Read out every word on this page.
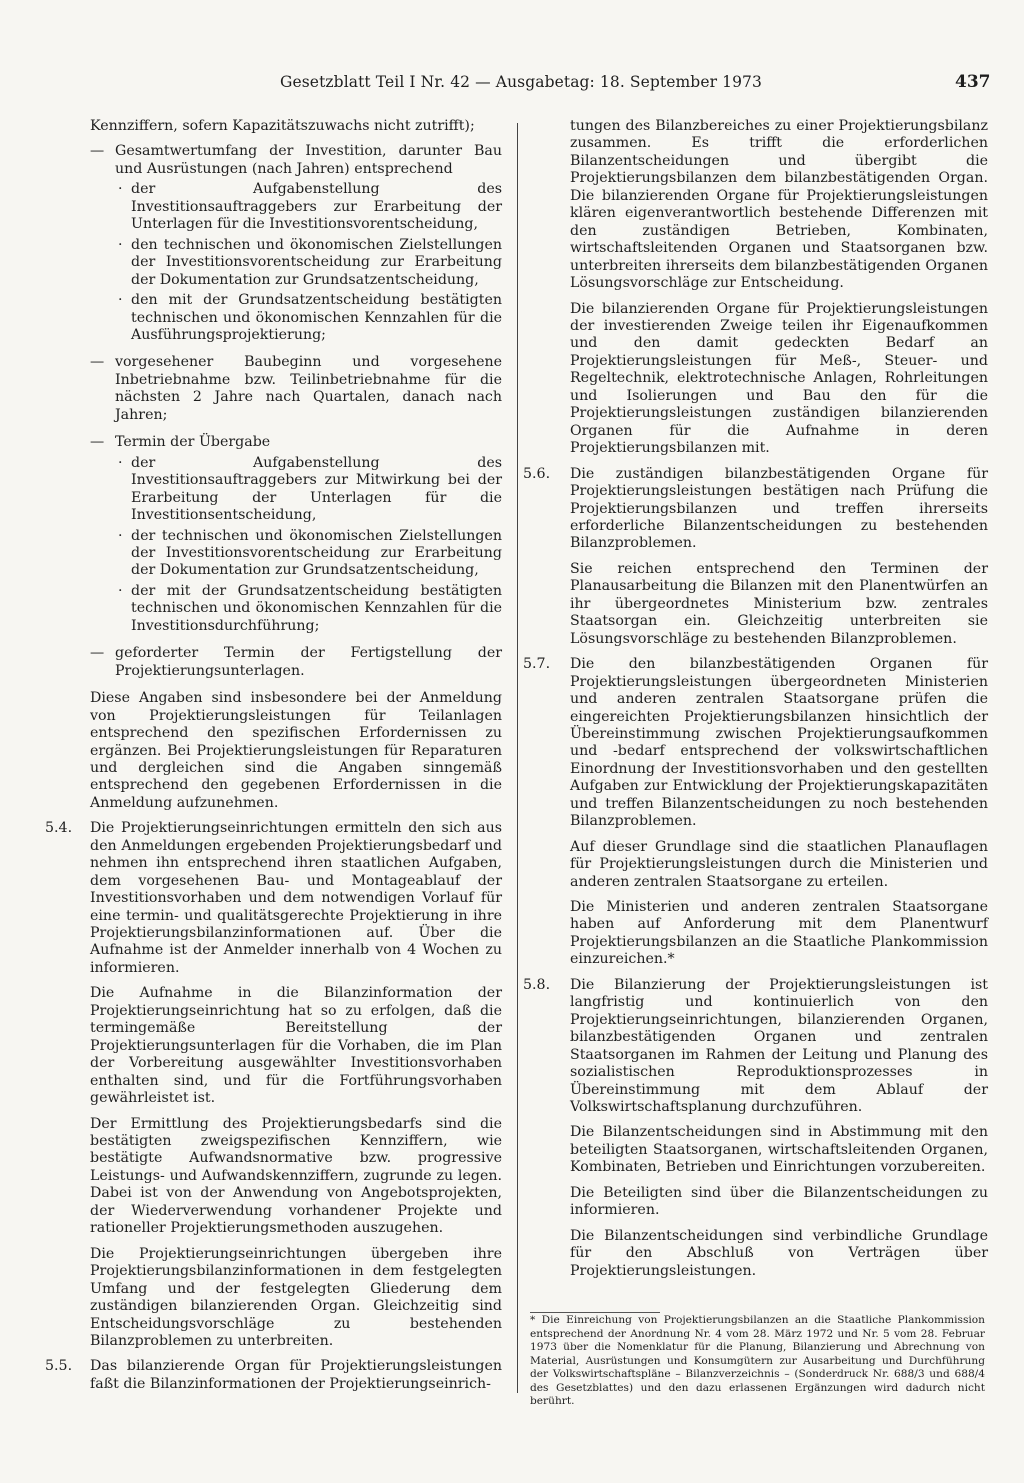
Gesetzblatt Teil I Nr. 42 — Ausgabetag: 18. September 1973	437

Kennziffern, sofern Kapazitätszuwachs nicht zutrifft);

— Gesamtwertumfang der Investition, darunter Bau und Ausrüstungen (nach Jahren) entsprechend
· der Aufgabenstellung des Investitionsauftraggebers zur Erarbeitung der Unterlagen für die Investitionsvorentscheidung,
· den technischen und ökonomischen Zielstellungen der Investitionsvorentscheidung zur Erarbeitung der Dokumentation zur Grundsatzentscheidung,
· den mit der Grundsatzentscheidung bestätigten technischen und ökonomischen Kennzahlen für die Ausführungsprojektierung;
— vorgesehener Baubeginn und vorgesehene Inbetriebnahme bzw. Teilinbetriebnahme für die nächsten 2 Jahre nach Quartalen, danach nach Jahren;
— Termin der Übergabe
· der Aufgabenstellung des Investitionsauftraggebers zur Mitwirkung bei der Erarbeitung der Unterlagen für die Investitionsentscheidung,
· der technischen und ökonomischen Zielstellungen der Investitionsvorentscheidung zur Erarbeitung der Dokumentation zur Grundsatzentscheidung,
· der mit der Grundsatzentscheidung bestätigten technischen und ökonomischen Kennzahlen für die Investitionsdurchführung;
— geforderter Termin der Fertigstellung der Projektierungsunterlagen.

Diese Angaben sind insbesondere bei der Anmeldung von Projektierungsleistungen für Teilanlagen entsprechend den spezifischen Erfordernissen zu ergänzen. Bei Projektierungsleistungen für Reparaturen und dergleichen sind die Angaben sinngemäß entsprechend den gegebenen Erfordernissen in die Anmeldung aufzunehmen.

5.4. Die Projektierungseinrichtungen ermitteln den sich aus den Anmeldungen ergebenden Projektierungsbedarf und nehmen ihn entsprechend ihren staatlichen Aufgaben, dem vorgesehenen Bau- und Montageablauf der Investitionsvorhaben und dem notwendigen Vorlauf für eine termin- und qualitätsgerechte Projektierung in ihre Projektierungsbilanzinformationen auf. Über die Aufnahme ist der Anmelder innerhalb von 4 Wochen zu informieren.

Die Aufnahme in die Bilanzinformation der Projektierungseinrichtung hat so zu erfolgen, daß die termingemäße Bereitstellung der Projektierungsunterlagen für die Vorhaben, die im Plan der Vorbereitung ausgewählter Investitionsvorhaben enthalten sind, und für die Fortführungsvorhaben gewährleistet ist.

Der Ermittlung des Projektierungsbedarfs sind die bestätigten zweigspezifischen Kennziffern, wie bestätigte Aufwandsnormative bzw. progressive Leistungs- und Aufwandskennziffern, zugrunde zu legen. Dabei ist von der Anwendung von Angebotsprojekten, der Wiederverwendung vorhandener Projekte und rationeller Projektierungsmethoden auszugehen.

Die Projektierungseinrichtungen übergeben ihre Projektierungsbilanzinformationen in dem festgelegten Umfang und der festgelegten Gliederung dem zuständigen bilanzierenden Organ. Gleichzeitig sind Entscheidungsvorschläge zu bestehenden Bilanzproblemen zu unterbreiten.

5.5. Das bilanzierende Organ für Projektierungsleistungen faßt die Bilanzinformationen der Projektierungseinrich-

tungen des Bilanzbereiches zu einer Projektierungsbilanz zusammen. Es trifft die erforderlichen Bilanzentscheidungen und übergibt die Projektierungsbilanzen dem bilanzbestätigenden Organ. Die bilanzierenden Organe für Projektierungsleistungen klären eigenverantwortlich bestehende Differenzen mit den zuständigen Betrieben, Kombinaten, wirtschaftsleitenden Organen und Staatsorganen bzw. unterbreiten ihrerseits dem bilanzbestätigenden Organen Lösungsvorschläge zur Entscheidung.

Die bilanzierenden Organe für Projektierungsleistungen der investierenden Zweige teilen ihr Eigenaufkommen und den damit gedeckten Bedarf an Projektierungsleistungen für Meß-, Steuer- und Regeltechnik, elektrotechnische Anlagen, Rohrleitungen und Isolierungen und Bau den für die Projektierungsleistungen zuständigen bilanzierenden Organen für die Aufnahme in deren Projektierungsbilanzen mit.

5.6. Die zuständigen bilanzbestätigenden Organe für Projektierungsleistungen bestätigen nach Prüfung die Projektierungsbilanzen und treffen ihrerseits erforderliche Bilanzentscheidungen zu bestehenden Bilanzproblemen.

Sie reichen entsprechend den Terminen der Planausarbeitung die Bilanzen mit den Planentwürfen an ihr übergeordnetes Ministerium bzw. zentrales Staatsorgan ein. Gleichzeitig unterbreiten sie Lösungsvorschläge zu bestehenden Bilanzproblemen.

5.7. Die den bilanzbestätigenden Organen für Projektierungsleistungen übergeordneten Ministerien und anderen zentralen Staatsorgane prüfen die eingereichten Projektierungsbilanzen hinsichtlich der Übereinstimmung zwischen Projektierungsaufkommen und -bedarf entsprechend der volkswirtschaftlichen Einordnung der Investitionsvorhaben und den gestellten Aufgaben zur Entwicklung der Projektierungskapazitäten und treffen Bilanzentscheidungen zu noch bestehenden Bilanzproblemen.

Auf dieser Grundlage sind die staatlichen Planauflagen für Projektierungsleistungen durch die Ministerien und anderen zentralen Staatsorgane zu erteilen.

Die Ministerien und anderen zentralen Staatsorgane haben auf Anforderung mit dem Planentwurf Projektierungsbilanzen an die Staatliche Plankommission einzureichen.*

5.8. Die Bilanzierung der Projektierungsleistungen ist langfristig und kontinuierlich von den Projektierungseinrichtungen, bilanzierenden Organen, bilanzbestätigenden Organen und zentralen Staatsorganen im Rahmen der Leitung und Planung des sozialistischen Reproduktionsprozesses in Übereinstimmung mit dem Ablauf der Volkswirtschaftsplanung durchzuführen.

Die Bilanzentscheidungen sind in Abstimmung mit den beteiligten Staatsorganen, wirtschaftsleitenden Organen, Kombinaten, Betrieben und Einrichtungen vorzubereiten.

Die Beteiligten sind über die Bilanzentscheidungen zu informieren.

Die Bilanzentscheidungen sind verbindliche Grundlage für den Abschluß von Verträgen über Projektierungsleistungen.

* Die Einreichung von Projektierungsbilanzen an die Staatliche Plankommission entsprechend der Anordnung Nr. 4 vom 28. März 1972 und Nr. 5 vom 28. Februar 1973 über die Nomenklatur für die Planung, Bilanzierung und Abrechnung von Material, Ausrüstungen und Konsumgütern zur Ausarbeitung und Durchführung der Volkswirtschaftspläne – Bilanzverzeichnis – (Sonderdruck Nr. 688/3 und 688/4 des Gesetzblattes) und den dazu erlassenen Ergänzungen wird dadurch nicht berührt.
